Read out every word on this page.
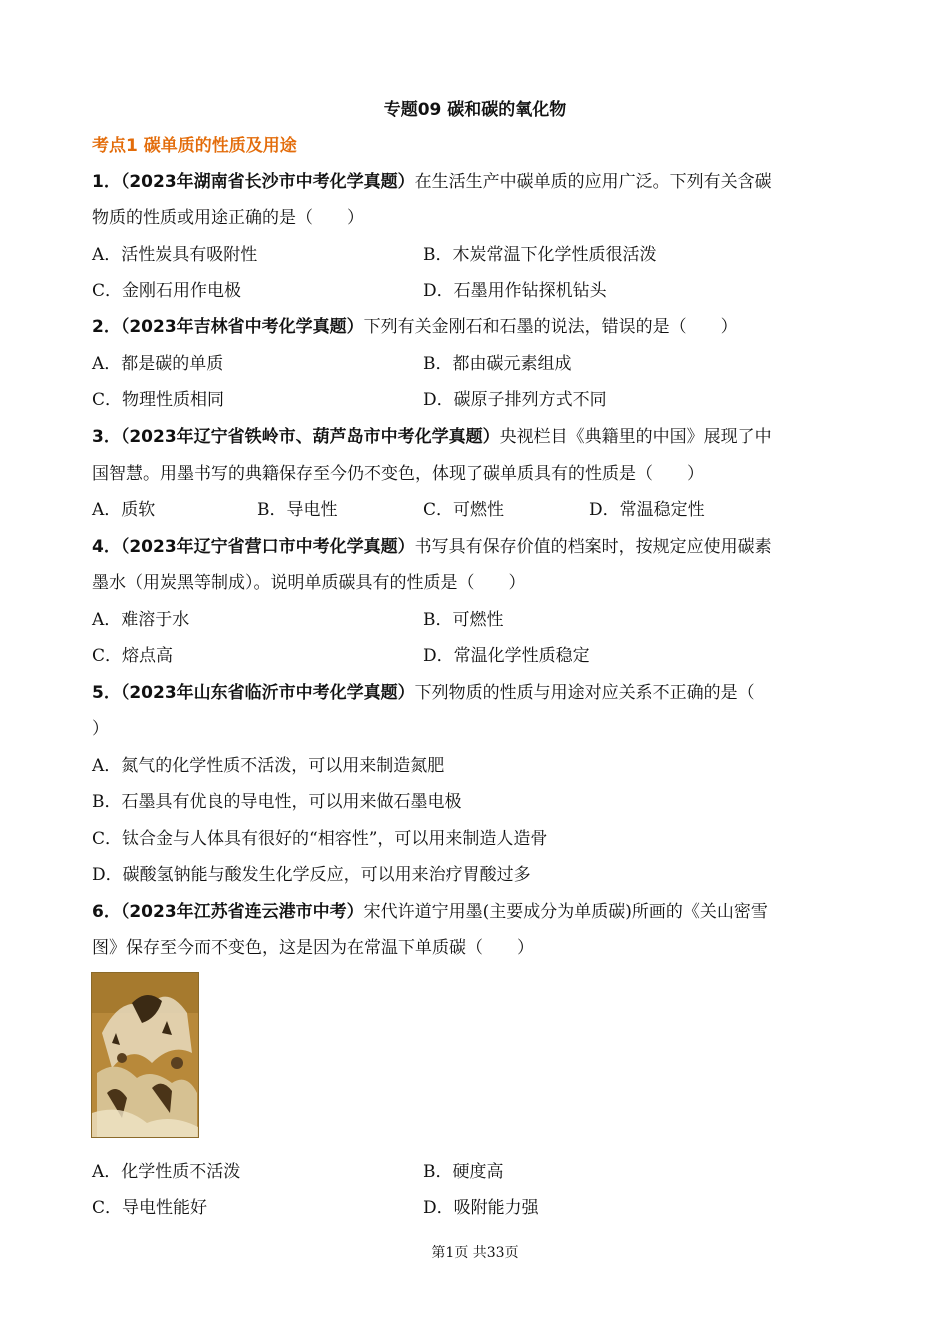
专题09 碳和碳的氧化物
考点1 碳单质的性质及用途
1．（2023年湖南省长沙市中考化学真题）在生活生产中碳单质的应用广泛。下列有关含碳
物质的性质或用途正确的是（　　）
A．活性炭具有吸附性	B．木炭常温下化学性质很活泼
C．金刚石用作电极	D．石墨用作钻探机钻头
2．（2023年吉林省中考化学真题）下列有关金刚石和石墨的说法，错误的是（　　）
A．都是碳的单质	B．都由碳元素组成
C．物理性质相同	D．碳原子排列方式不同
3．（2023年辽宁省铁岭市、葫芦岛市中考化学真题）央视栏目《典籍里的中国》展现了中
国智慧。用墨书写的典籍保存至今仍不变色，体现了碳单质具有的性质是（　　）
A．质软	B．导电性	C．可燃性	D．常温稳定性
4．（2023年辽宁省营口市中考化学真题）书写具有保存价值的档案时，按规定应使用碳素
墨水（用炭黑等制成）。说明单质碳具有的性质是（　　）
A．难溶于水	B．可燃性
C．熔点高	D．常温化学性质稳定
5．（2023年山东省临沂市中考化学真题）下列物质的性质与用途对应关系不正确的是（
）
A．氮气的化学性质不活泼，可以用来制造氮肥
B．石墨具有优良的导电性，可以用来做石墨电极
C．钛合金与人体具有很好的“相容性”，可以用来制造人造骨
D．碳酸氢钠能与酸发生化学反应，可以用来治疗胃酸过多
6．（2023年江苏省连云港市中考）宋代许道宁用墨(主要成分为单质碳)所画的《关山密雪
图》保存至今而不变色，这是因为在常温下单质碳（　　）
A．化学性质不活泼	B．硬度高
C．导电性能好	D．吸附能力强
第1页 共33页
